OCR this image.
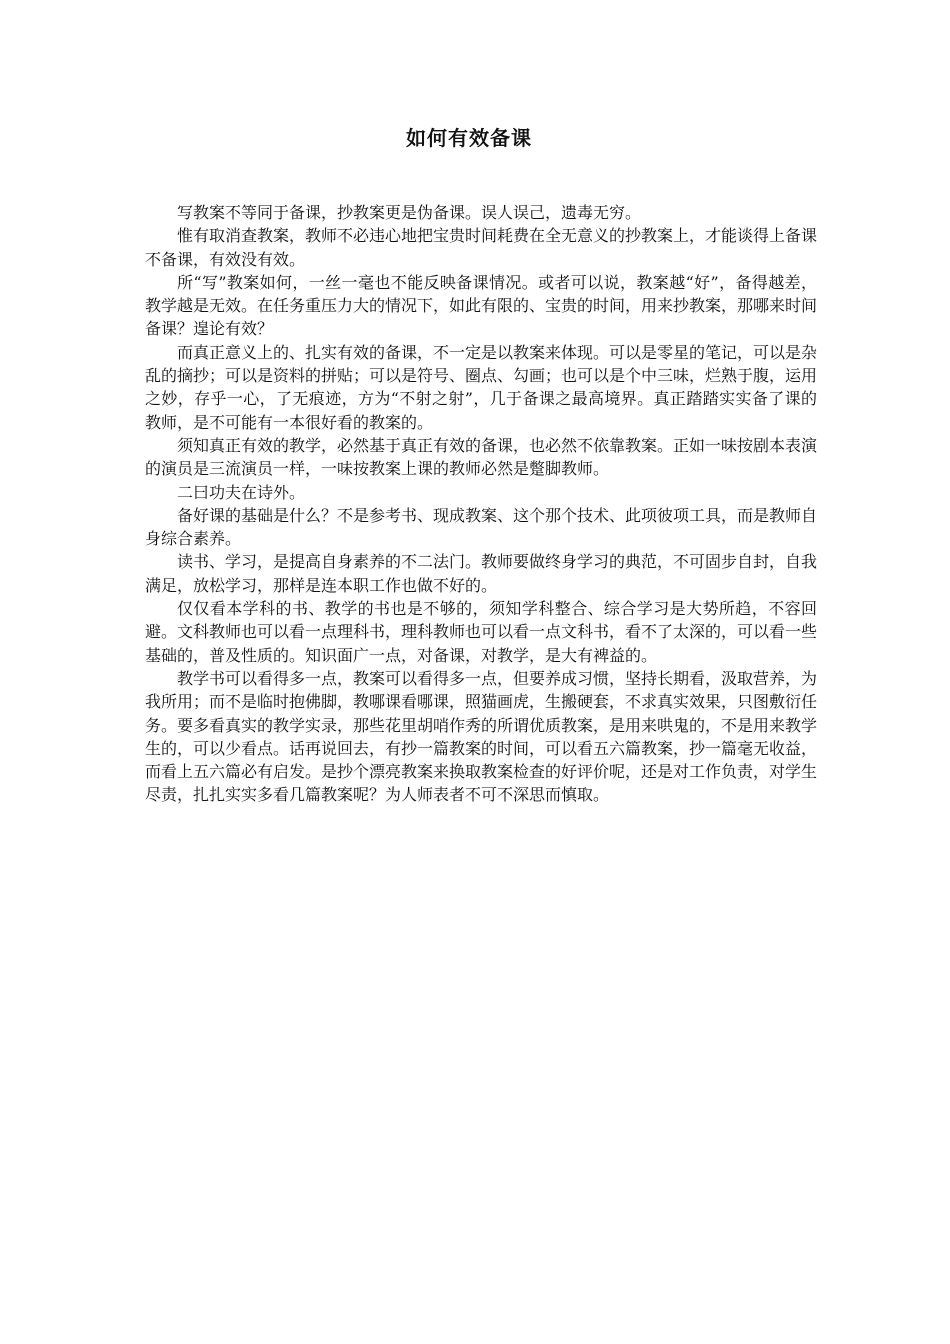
如何有效备课

写教案不等同于备课，抄教案更是伪备课。误人误己，遗毒无穷。

惟有取消查教案，教师不必违心地把宝贵时间耗费在全无意义的抄教案上，才能谈得上备课不备课，有效没有效。

所“写”教案如何，一丝一毫也不能反映备课情况。或者可以说，教案越“好”，备得越差，教学越是无效。在任务重压力大的情况下，如此有限的、宝贵的时间，用来抄教案，那哪来时间备课？遑论有效？

而真正意义上的、扎实有效的备课，不一定是以教案来体现。可以是零星的笔记，可以是杂乱的摘抄；可以是资料的拼贴；可以是符号、圈点、勾画；也可以是个中三味，烂熟于腹，运用之妙，存乎一心，了无痕迹，方为“不射之射”，几于备课之最高境界。真正踏踏实实备了课的教师，是不可能有一本很好看的教案的。

须知真正有效的教学，必然基于真正有效的备课，也必然不依靠教案。正如一味按剧本表演的演员是三流演员一样，一味按教案上课的教师必然是蹩脚教师。

二曰功夫在诗外。

备好课的基础是什么？不是参考书、现成教案、这个那个技术、此项彼项工具，而是教师自身综合素养。

读书、学习，是提高自身素养的不二法门。教师要做终身学习的典范，不可固步自封，自我满足，放松学习，那样是连本职工作也做不好的。

仅仅看本学科的书、教学的书也是不够的，须知学科整合、综合学习是大势所趋，不容回避。文科教师也可以看一点理科书，理科教师也可以看一点文科书，看不了太深的，可以看一些基础的，普及性质的。知识面广一点，对备课，对教学，是大有裨益的。

教学书可以看得多一点，教案可以看得多一点，但要养成习惯，坚持长期看，汲取营养，为我所用；而不是临时抱佛脚，教哪课看哪课，照猫画虎，生搬硬套，不求真实效果，只图敷衍任务。要多看真实的教学实录，那些花里胡哨作秀的所谓优质教案，是用来哄鬼的，不是用来教学生的，可以少看点。话再说回去，有抄一篇教案的时间，可以看五六篇教案，抄一篇毫无收益，而看上五六篇必有启发。是抄个漂亮教案来换取教案检查的好评价呢，还是对工作负责，对学生尽责，扎扎实实多看几篇教案呢？为人师表者不可不深思而慎取。
